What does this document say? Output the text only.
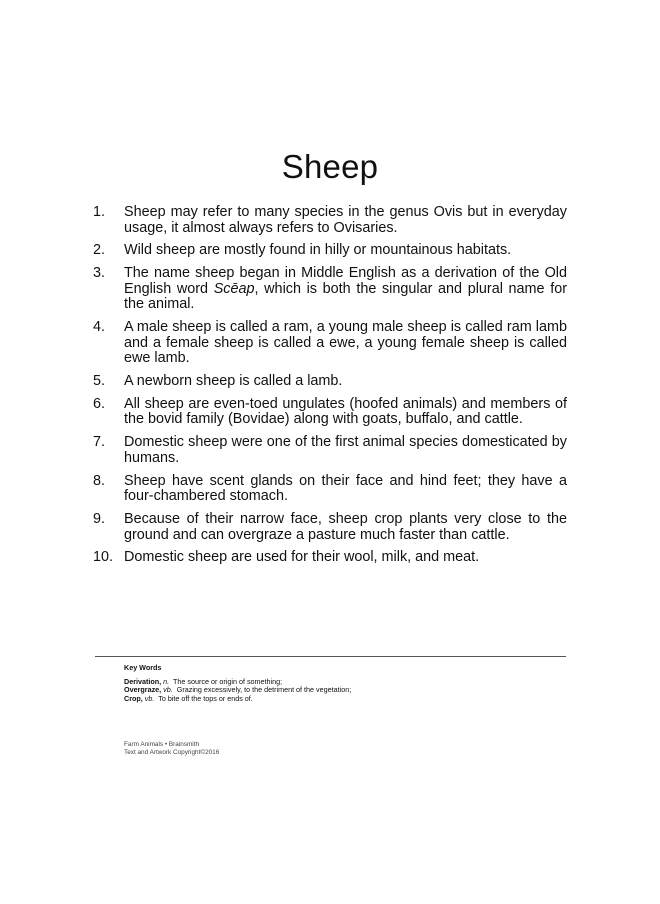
Sheep
1.	Sheep may refer to many species in the genus Ovis but in everyday usage, it almost always refers to Ovisaries.
2.	Wild sheep are mostly found in hilly or mountainous habitats.
3.	The name sheep began in Middle English as a derivation of the Old English word Scēap, which is both the singular and plural name for the animal.
4.	A male sheep is called a ram, a young male sheep is called ram lamb and a female sheep is called a ewe, a young female sheep is called ewe lamb.
5.	A newborn sheep is called a lamb.
6.	All sheep are even-toed ungulates (hoofed animals) and members of the bovid family (Bovidae) along with goats, buffalo, and cattle.
7.	Domestic sheep were one of the first animal species domesticated by humans.
8.	Sheep have scent glands on their face and hind feet; they have a four-chambered stomach.
9.	Because of their narrow face, sheep crop plants very close to the ground and can overgraze a pasture much faster than cattle.
10. Domestic sheep are used for their wool, milk, and meat.
Key Words
Derivation, n. The source or origin of something;
Overgraze, vb. Grazing excessively, to the detriment of the vegetation;
Crop, vb. To bite off the tops or ends of.
Farm Animals • Brainsmith
Text and Artwork Copyright©2016
